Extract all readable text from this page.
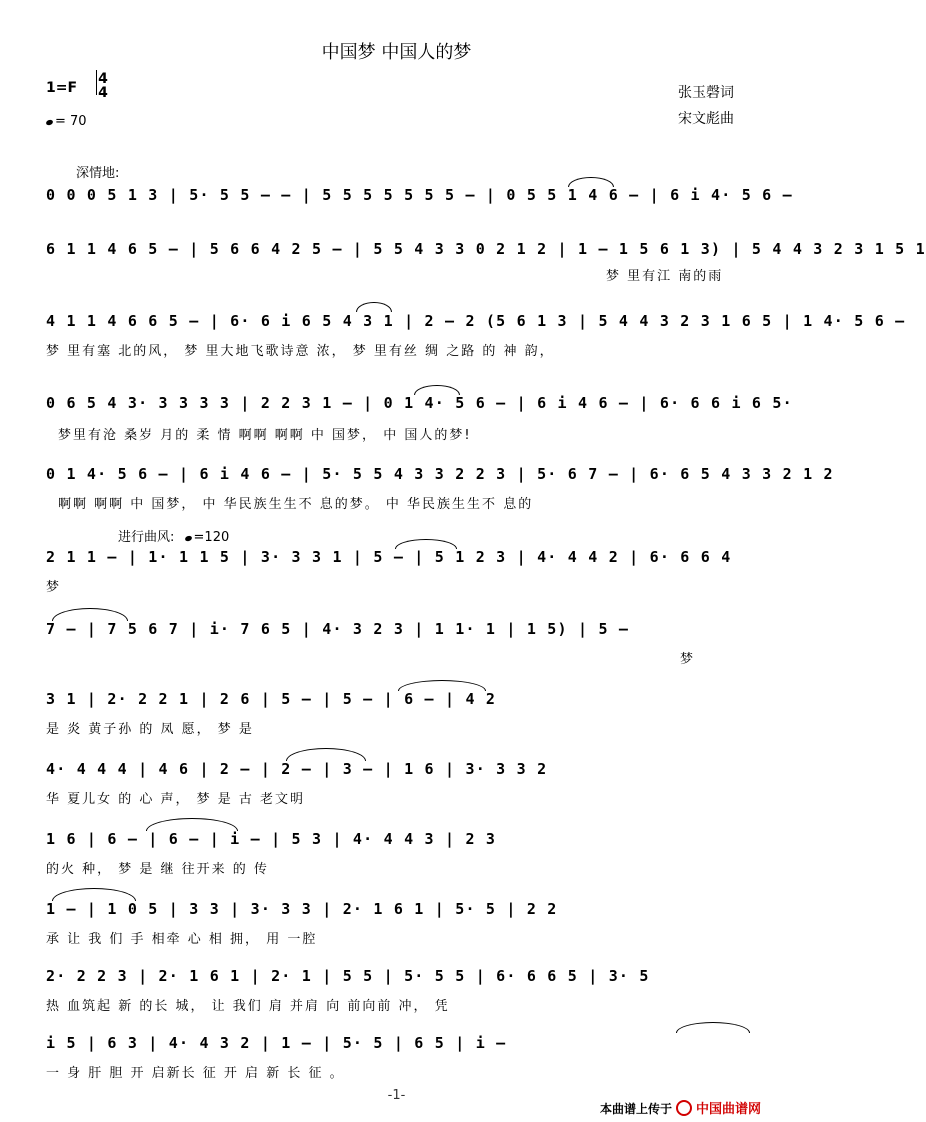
中国梦 中国人的梦
1=F
4
4
= 70
张玉磬词
宋文彪曲
深情地:
0 0 0 5 1 3 | 5· 5 5 – – | 5 5 5 5 5 5 5 – | 0 5 5 1 4 6 – | 6 i 4· 5 6 –
6 1 1 4 6 5 – | 5 6 6 4 2 5 – | 5 5 4 3 3 0 2 1 2 | 1 – 1 5 6 1 3) | 5 4 4 3 2 3 1 5 1
梦 里有江 南的雨
4 1 1 4 6 6 5 – | 6· 6 i 6 5 4 3 1 | 2 – 2 (5 6 1 3 | 5 4 4 3 2 3 1 6 5 | 1 4· 5 6 –
梦 里有塞 北的风， 梦 里大地飞歌诗意 浓， 梦 里有丝 绸 之路 的 神 韵，
0 6 5 4 3· 3 3 3 3 | 2 2 3 1 – | 0 1 4· 5 6 – | 6 i 4 6 – | 6· 6 6 i 6 5·
梦里有沧 桑岁 月的 柔 情 啊啊 啊啊 中 国梦， 中 国人的梦!
0 1 4· 5 6 – | 6 i 4 6 – | 5· 5 5 4 3 3 2 2 3 | 5· 6 7 – | 6· 6 5 4 3 3 2 1 2
啊啊 啊啊 中 国梦， 中 华民族生生不 息的梦。 中 华民族生生不 息的
进行曲风: =120
2 1 1 – | 1· 1 1 5 | 3· 3 3 1 | 5 – | 5 1 2 3 | 4· 4 4 2 | 6· 6 6 4
梦
7 – | 7 5 6 7 | i· 7 6 5 | 4· 3 2 3 | 1 1· 1 | 1 5) | 5 –
梦
3 1 | 2· 2 2 1 | 2 6 | 5 – | 5 – | 6 – | 4 2
是 炎 黄子孙 的 凤 愿， 梦 是
4· 4 4 4 | 4 6 | 2 – | 2 – | 3 – | 1 6 | 3· 3 3 2
华 夏儿女 的 心 声， 梦 是 古 老文明
1 6 | 6 – | 6 – | i – | 5 3 | 4· 4 4 3 | 2 3
的火 种， 梦 是 继 往开来 的 传
1 – | 1 0 5 | 3 3 | 3· 3 3 | 2· 1 6 1 | 5· 5 | 2 2
承 让 我 们 手 相牵 心 相 拥， 用 一腔
2· 2 2 3 | 2· 1 6 1 | 2· 1 | 5 5 | 5· 5 5 | 6· 6 6 5 | 3· 5
热 血筑起 新 的长 城， 让 我们 肩 并肩 向 前向前 冲， 凭
i 5 | 6 3 | 4· 4 3 2 | 1 – | 5· 5 | 6 5 | i –
一 身 肝 胆 开 启新长 征 开 启 新 长 征 。
-1-
本曲谱上传于 中国曲谱网
